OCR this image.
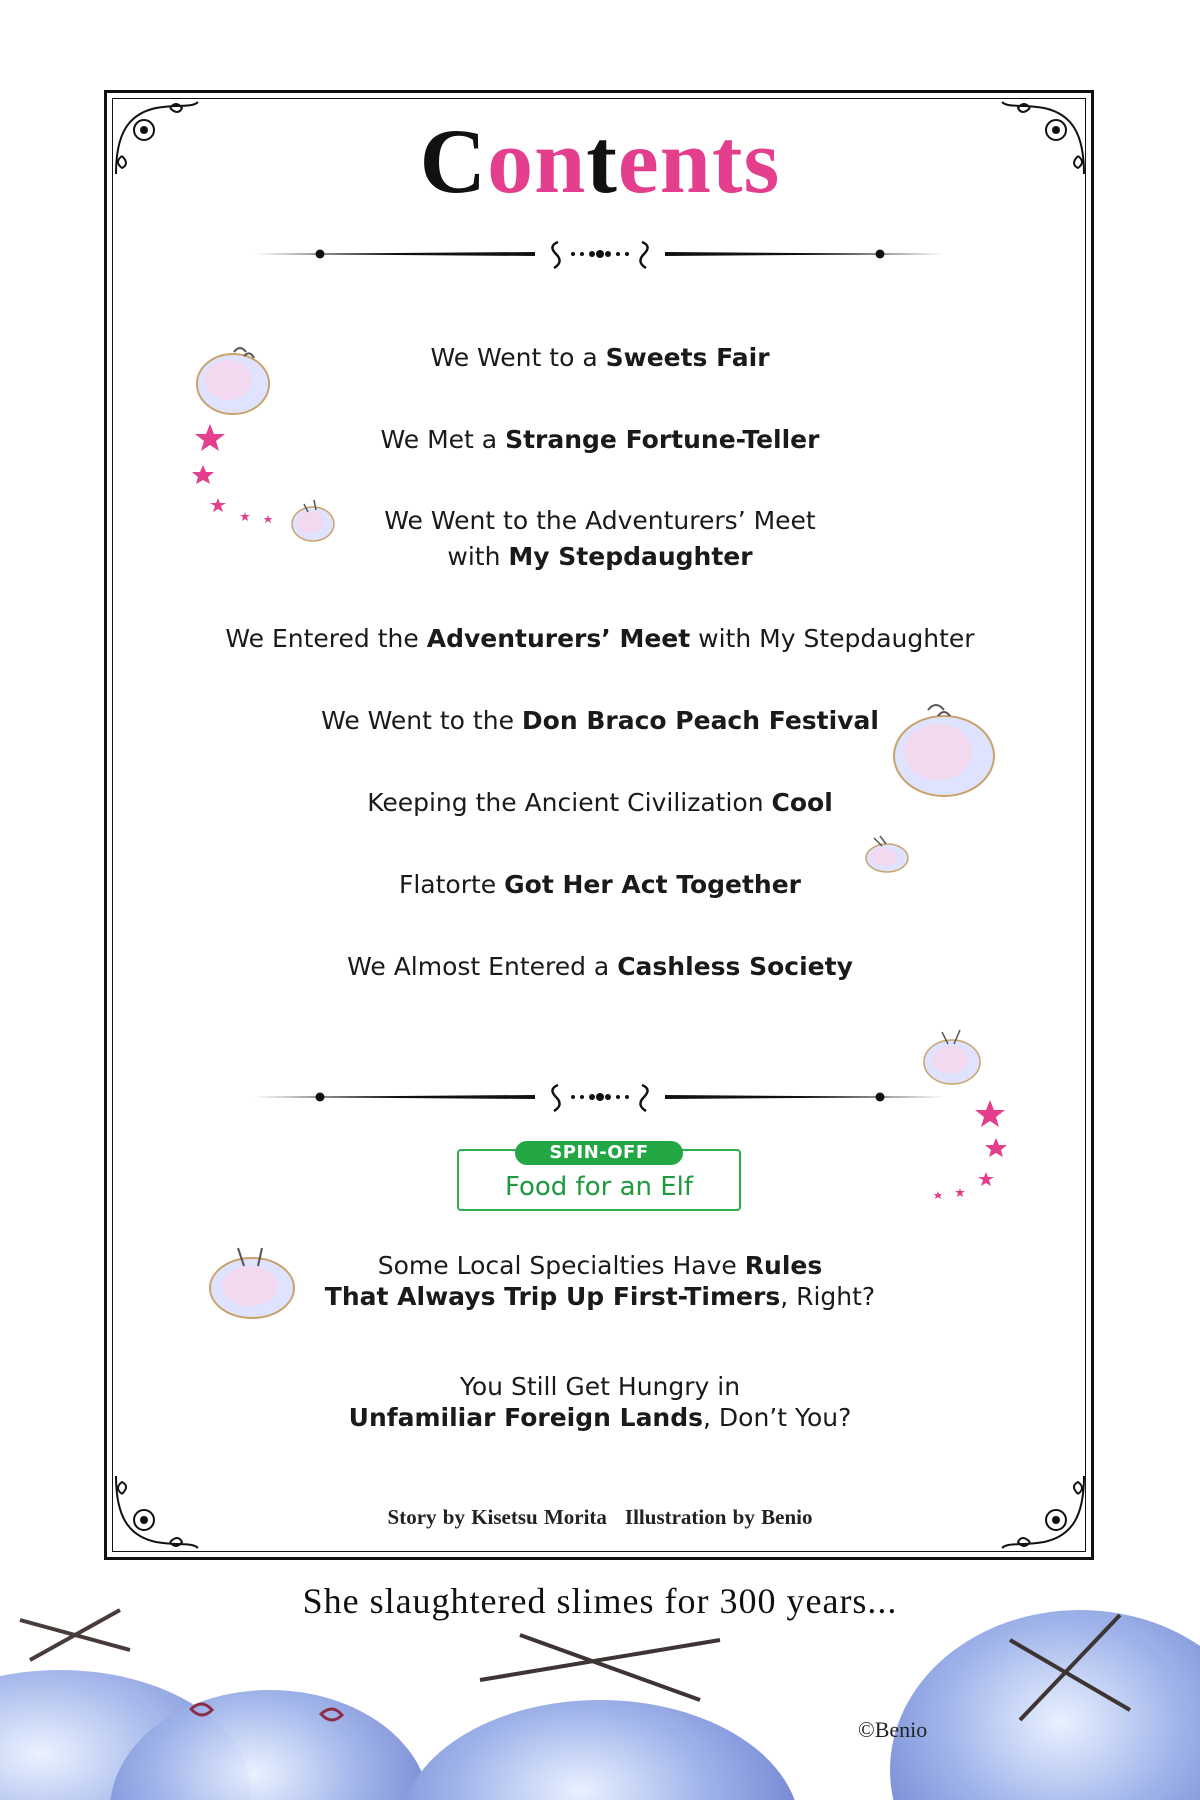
Contents
We Went to a Sweets Fair
We Met a Strange Fortune-Teller
We Went to the Adventurers’ Meet
with My Stepdaughter
We Entered the Adventurers’ Meet with My Stepdaughter
We Went to the Don Braco Peach Festival
Keeping the Ancient Civilization Cool
Flatorte Got Her Act Together
We Almost Entered a Cashless Society
SPIN-OFF
Food for an Elf
Some Local Specialties Have Rules
That Always Trip Up First-Timers, Right?
You Still Get Hungry in
Unfamiliar Foreign Lands, Don’t You?
Story by Kisetsu Morita Illustration by Benio
She slaughtered slimes for 300 years...
©Benio
